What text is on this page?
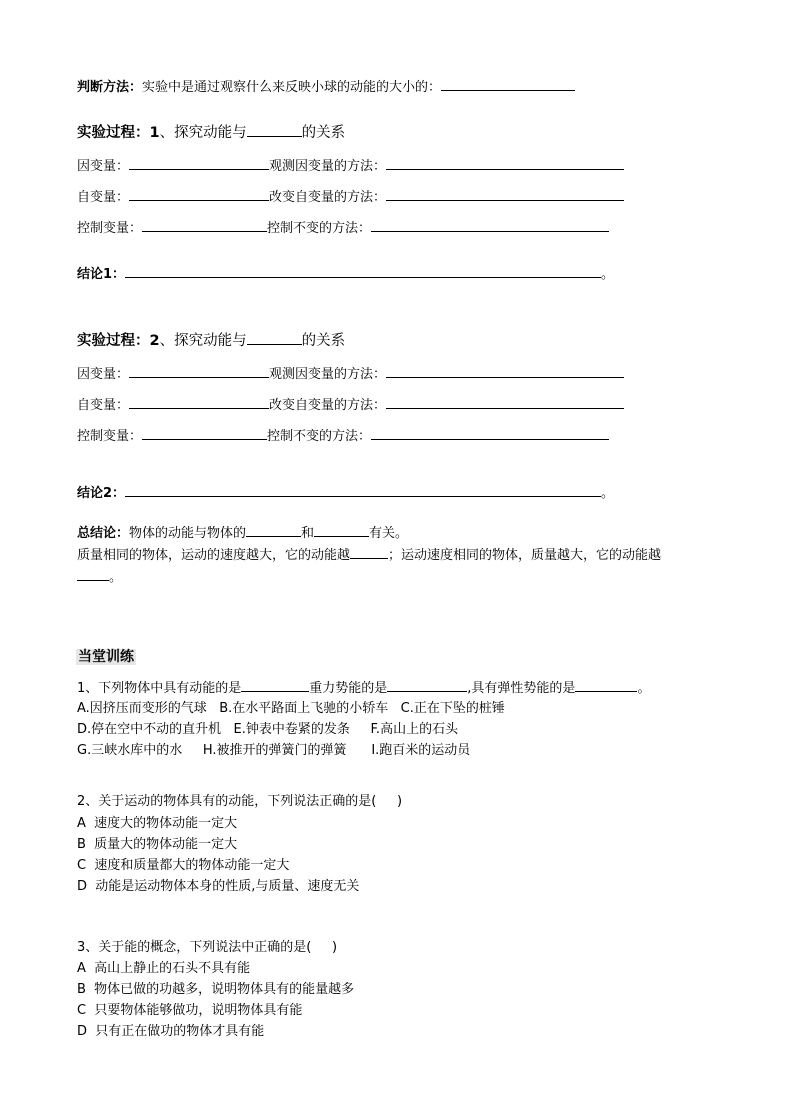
判断方法：实验中是通过观察什么来反映小球的动能的大小的：
实验过程：1、探究动能与	的关系
因变量：	观测因变量的方法：
自变量：	改变自变量的方法：
控制变量：	控制不变的方法：
结论1：	。
实验过程：2、探究动能与	的关系
因变量：	观测因变量的方法：
自变量：	改变自变量的方法：
控制变量：	控制不变的方法：
结论2：	。
总结论：物体的动能与物体的	和	有关。
质量相同的物体，运动的速度越大，它的动能越	；运动速度相同的物体，质量越大，它的动能越
。
当堂训练
1、下列物体中具有动能的是	重力势能的是	,具有弹性势能的是	。
A.因挤压而变形的气球   B.在水平路面上飞驰的小轿车   C.正在下坠的桩锤
D.停在空中不动的直升机   E.钟表中卷紧的发条     F.高山上的石头
G.三峡水库中的水     H.被推开的弹簧门的弹簧      I.跑百米的运动员
2、关于运动的物体具有的动能，下列说法正确的是(     )
A  速度大的物体动能一定大
B  质量大的物体动能一定大
C  速度和质量都大的物体动能一定大
D  动能是运动物体本身的性质,与质量、速度无关
3、关于能的概念，下列说法中正确的是(     )
A  高山上静止的石头不具有能
B  物体已做的功越多，说明物体具有的能量越多
C  只要物体能够做功，说明物体具有能
D  只有正在做功的物体才具有能
